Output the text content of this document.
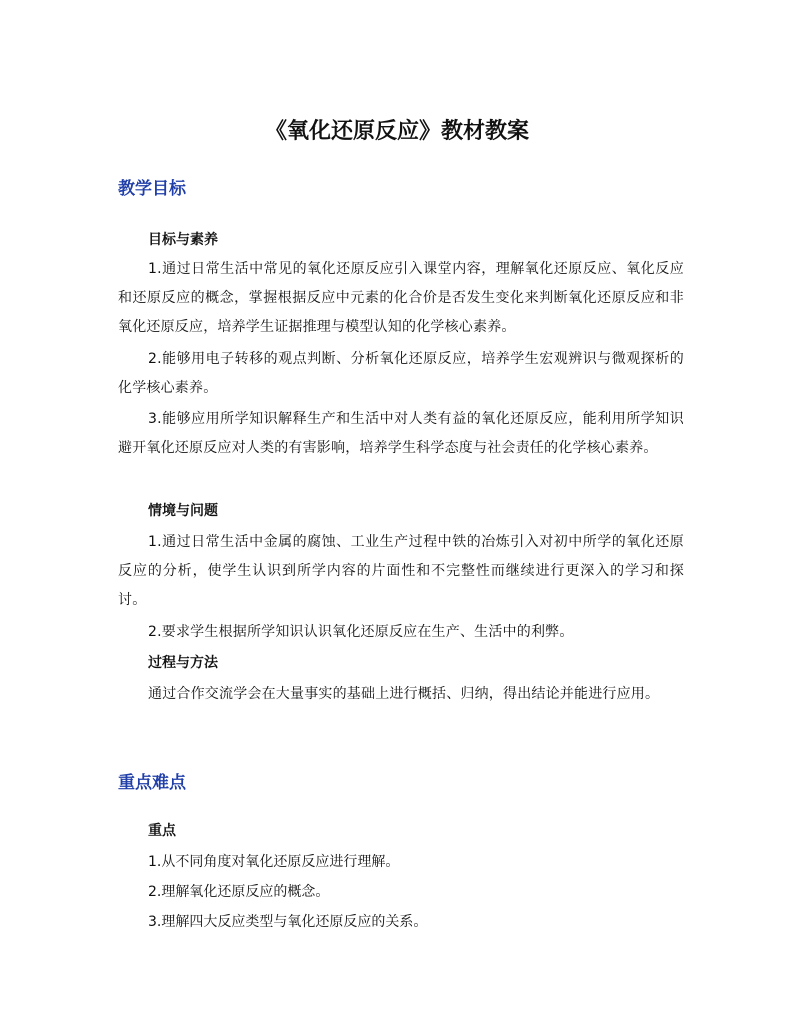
《氧化还原反应》教材教案
教学目标
目标与素养

1.通过日常生活中常见的氧化还原反应引入课堂内容，理解氧化还原反应、氧化反应和还原反应的概念，掌握根据反应中元素的化合价是否发生变化来判断氧化还原反应和非氧化还原反应，培养学生证据推理与模型认知的化学核心素养。

2.能够用电子转移的观点判断、分析氧化还原反应，培养学生宏观辨识与微观探析的化学核心素养。

3.能够应用所学知识解释生产和生活中对人类有益的氧化还原反应，能利用所学知识避开氧化还原反应对人类的有害影响，培养学生科学态度与社会责任的化学核心素养。

情境与问题

1.通过日常生活中金属的腐蚀、工业生产过程中铁的冶炼引入对初中所学的氧化还原反应的分析，使学生认识到所学内容的片面性和不完整性而继续进行更深入的学习和探讨。

2.要求学生根据所学知识认识氧化还原反应在生产、生活中的利弊。

过程与方法

通过合作交流学会在大量事实的基础上进行概括、归纳，得出结论并能进行应用。

重点难点
重点

1.从不同角度对氧化还原反应进行理解。

2.理解氧化还原反应的概念。

3.理解四大反应类型与氧化还原反应的关系。
